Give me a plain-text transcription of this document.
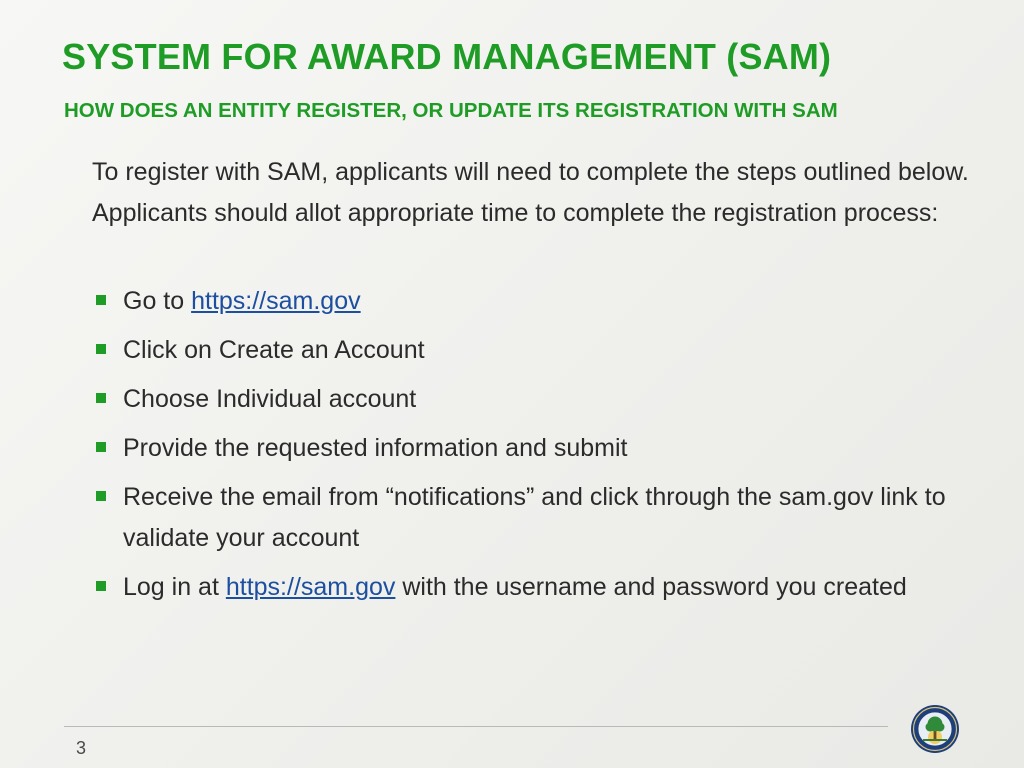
SYSTEM FOR AWARD MANAGEMENT (SAM)
HOW DOES AN ENTITY REGISTER, OR UPDATE ITS REGISTRATION WITH SAM

To register with SAM, applicants will need to complete the steps outlined below. Applicants should allot appropriate time to complete the registration process:

Go to https://sam.gov
Click on Create an Account
Choose Individual account
Provide the requested information and submit
Receive the email from “notifications” and click through the sam.gov link to validate your account
Log in at https://sam.gov with the username and password you created
3
